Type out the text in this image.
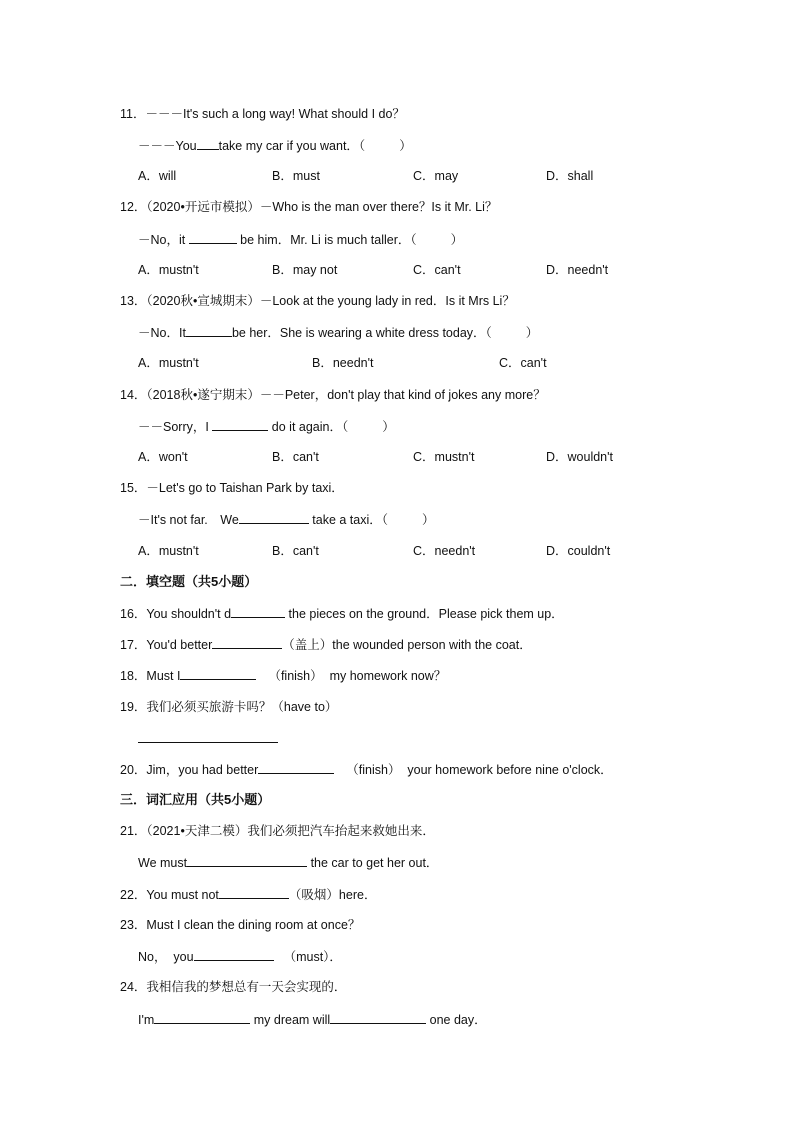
11．－－－It's such a long way! What should I do？
－－－You take my car if you want．（	）
A．will	B．must	C．may	D．shall
12．（2020•开远市模拟）－Who is the man over there？Is it Mr. Li？
－No，it	be him．Mr. Li is much taller．（	）
A．mustn't	B．may not	C．can't	D．needn't
13．（2020秋•宣城期末）－Look at the young lady in red．Is it Mrs Li？
－No．It	be her．She is wearing a white dress today．（	）
A．mustn't	B．needn't	C．can't
14．（2018秋•遂宁期末）－－Peter，don't play that kind of jokes any more？
－－Sorry，I	do it again．（	）
A．won't	B．can't	C．mustn't	D．wouldn't
15．－Let's go to Taishan Park by taxi．
－It's not far.　We	take a taxi．（	）
A．mustn't	B．can't	C．needn't	D．couldn't
二．填空题（共5小题）
16．You shouldn't d	the pieces on the ground．Please pick them up．
17．You'd better	（盖上）the wounded person with the coat．
18．Must I	（finish）  my homework now？
19．我们必须买旅游卡吗？（have to）
20．Jim，you had better	（finish）  your homework before nine o'clock．
三．词汇应用（共5小题）
21．（2021•天津二模）我们必须把汽车抬起来救她出来．
We must	the car to get her out．
22．You must not	（吸烟）here．
23．Must I clean the dining room at once？
No，  you	（must）．
24．我相信我的梦想总有一天会实现的．
I'm	my dream will	one day．
